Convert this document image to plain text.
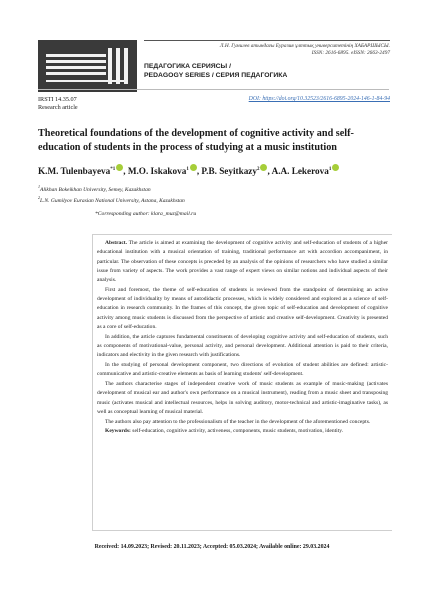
Л.Н. Гумилев атындағы Еуразия ұлттық университетінің ХАБАРШЫСЫ.
ISSN: 2616-6895. eISSN: 2663-2497
ПЕДАГОГИКА СЕРИЯСЫ /
PEDAGOGY SERIES / СЕРИЯ ПЕДАГОГИКА
IRSTI 14.35.07
Research article
DOI: https://doi.org/10.32523/2616-6895-2024-146-1-84-94
Theoretical foundations of the development of cognitive activity and self-education of students in the process of studying at a music institution
K.M. Tulenbayeva$^{*1}$ , M.O. Iskakova$^1$ , P.B. Seyitkazy$^2$ , A.A. Lekerova$^1$
$^1$Alikhan Bokeikhan University, Semey, Kazakhstan
$^2$L.N. Gumilyov Eurasian National University, Astana, Kazakhstan
*Corresponding author: klara_muz@mail.ru

Abstract. The article is aimed at examining the development of cognitive activity and self-education of students of a higher educational institution with a musical orientation of training, traditional performance art with accordion accompaniment, in particular. The observation of these concepts is preceded by an analysis of the opinions of researchers who have studied a similar issue from variety of aspects. The work provides a vast range of expert views on similar notions and individual aspects of their analysis.

First and foremost, the theme of self-education of students is reviewed from the standpoint of determining an active development of individuality by means of autodidactic processes, which is widely considered and explored as a science of self-education in research community. In the frames of this concept, the given topic of self-education and development of cognitive activity among music students is discussed from the perspective of artistic and creative self-development. Creativity is presented as a core of self-education.

In addition, the article captures fundamental constituents of developing cognitive activity and self-education of students, such as components of motivational-value, personal activity, and personal development. Additional attention is paid to their criteria, indicators and electivity in the given research with justifications.

In the studying of personal development component, two directions of evolution of student abilities are defined: artistic-communicative and artistic-creative elements as basis of learning students' self-development.

The authors characterise stages of independent creative work of music students as example of music-making (activates development of musical ear and author's own performance on a musical instrument), reading from a music sheet and transposing music (activates musical and intellectual resources, helps in solving auditory, motor-technical and artistic-imaginative tasks), as well as conceptual learning of musical material.

The authors also pay attention to the professionalism of the teacher in the development of the aforementioned concepts.

Keywords: self-education, cognitive activity, activeness, components, music students, motivation, identity.

Received: 14.09.2023; Revised: 20.11.2023; Accepted: 05.03.2024; Available online: 29.03.2024
